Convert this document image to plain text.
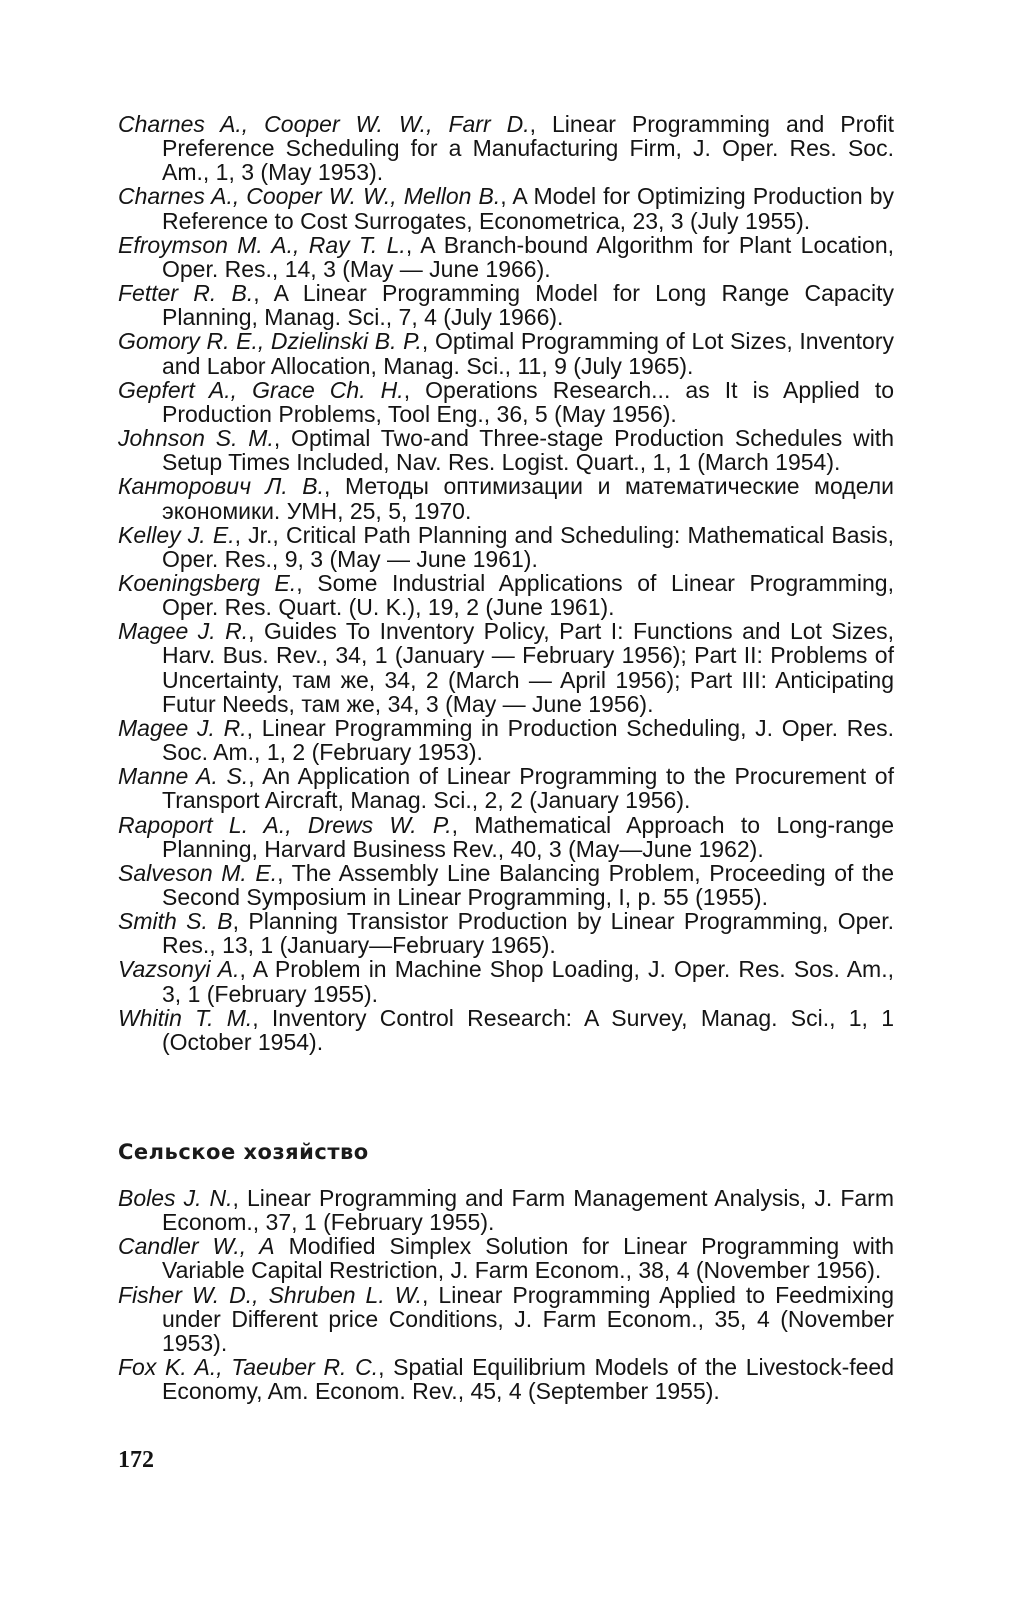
Charnes A., Cooper W. W., Farr D., Linear Programming and Profit Preference Scheduling for a Manufacturing Firm, J. Oper. Res. Soc. Am., 1, 3 (May 1953).
Charnes A., Cooper W. W., Mellon B., A Model for Optimizing Production by Reference to Cost Surrogates, Econometrica, 23, 3 (July 1955).
Efroymson M. A., Ray T. L., A Branch-bound Algorithm for Plant Location, Oper. Res., 14, 3 (May — June 1966).
Fetter R. B., A Linear Programming Model for Long Range Capacity Planning, Manag. Sci., 7, 4 (July 1966).
Gomory R. E., Dzielinski B. P., Optimal Programming of Lot Sizes, Inventory and Labor Allocation, Manag. Sci., 11, 9 (July 1965).
Gepfert A., Grace Ch. H., Operations Research... as It is Applied to Production Problems, Tool Eng., 36, 5 (May 1956).
Johnson S. M., Optimal Two-and Three-stage Production Schedules with Setup Times Included, Nav. Res. Logist. Quart., 1, 1 (March 1954).
Канторович Л. В., Методы оптимизации и математические модели экономики. УМН, 25, 5, 1970.
Kelley J. E., Jr., Critical Path Planning and Scheduling: Mathematical Basis, Oper. Res., 9, 3 (May — June 1961).
Koeningsberg E., Some Industrial Applications of Linear Programming, Oper. Res. Quart. (U. K.), 19, 2 (June 1961).
Magee J. R., Guides To Inventory Policy, Part I: Functions and Lot Sizes, Harv. Bus. Rev., 34, 1 (January — February 1956); Part II: Problems of Uncertainty, там же, 34, 2 (March — April 1956); Part III: Anticipating Futur Needs, там же, 34, 3 (May — June 1956).
Magee J. R., Linear Programming in Production Scheduling, J. Oper. Res. Soc. Am., 1, 2 (February 1953).
Manne A. S., An Application of Linear Programming to the Procurement of Transport Aircraft, Manag. Sci., 2, 2 (January 1956).
Rapoport L. A., Drews W. P., Mathematical Approach to Long-range Planning, Harvard Business Rev., 40, 3 (May—June 1962).
Salveson M. E., The Assembly Line Balancing Problem, Proceeding of the Second Symposium in Linear Programming, I, p. 55 (1955).
Smith S. B, Planning Transistor Production by Linear Programming, Oper. Res., 13, 1 (January—February 1965).
Vazsonyi A., A Problem in Machine Shop Loading, J. Oper. Res. Sos. Am., 3, 1 (February 1955).
Whitin T. M., Inventory Control Research: A Survey, Manag. Sci., 1, 1 (October 1954).
Сельское хозяйство
Boles J. N., Linear Programming and Farm Management Analysis, J. Farm Econom., 37, 1 (February 1955).
Candler W., A Modified Simplex Solution for Linear Programming with Variable Capital Restriction, J. Farm Econom., 38, 4 (November 1956).
Fisher W. D., Shruben L. W., Linear Programming Applied to Feedmixing under Different price Conditions, J. Farm Econom., 35, 4 (November 1953).
Fox K. A., Taeuber R. C., Spatial Equilibrium Models of the Livestock-feed Economy, Am. Econom. Rev., 45, 4 (September 1955).
172
